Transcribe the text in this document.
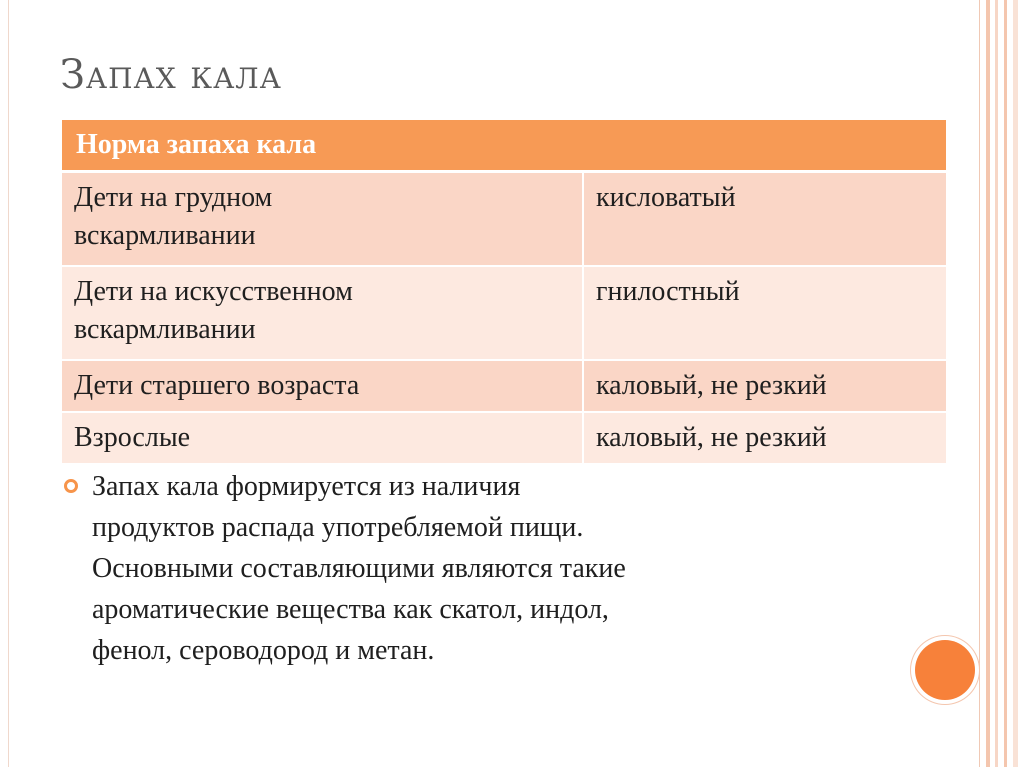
Запах кала
Норма запаха кала	
Дети на грудном
вскармливании	кисловатый
Дети на искусственном
вскармливании	гнилостный
Дети старшего возраста	каловый, не резкий
Взрослые	каловый, не резкий
Запах кала формируется из наличия
продуктов распада употребляемой пищи.
Основными составляющими являются такие
ароматические вещества как скатол, индол,
фенол, сероводород и метан.
